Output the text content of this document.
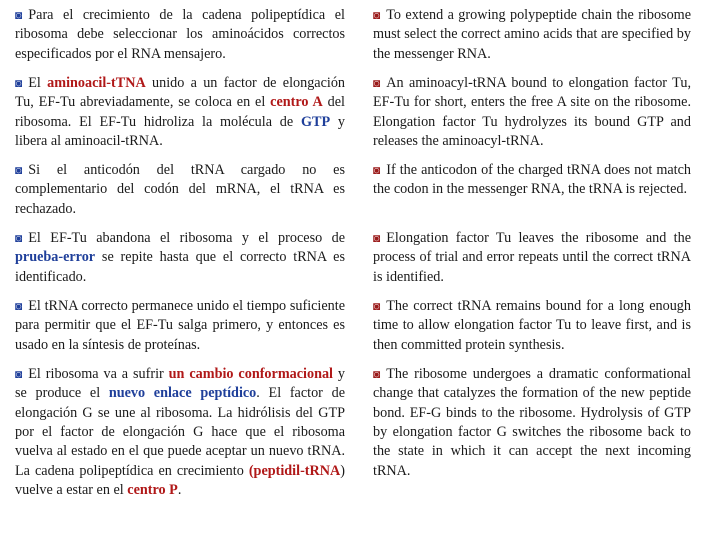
◙ Para el crecimiento de la cadena polipeptídica el ribosoma debe seleccionar los aminoácidos correctos especificados por el RNA mensajero.

◙ El aminoacil-tTNA unido a un factor de elongación Tu, EF-Tu abreviadamente, se coloca en el centro A del ribosoma. El EF-Tu hidroliza la molécula de GTP y libera al aminoacil-tRNA.

◙ Si el anticodón del tRNA cargado no es complementario del codón del mRNA, el tRNA es rechazado.

◙ El EF-Tu abandona el ribosoma y el proceso de prueba-error se repite hasta que el correcto tRNA es identificado.

◙ El tRNA correcto permanece unido el tiempo suficiente para permitir que el EF-Tu salga primero, y entonces es usado en la síntesis de proteínas.

◙ El ribosoma va a sufrir un cambio conformacional y se produce el nuevo enlace peptídico. El factor de elongación G se une al ribosoma. La hidrólisis del GTP por el factor de elongación G hace que el ribosoma vuelva al estado en el que puede aceptar un nuevo tRNA. La cadena polipeptídica en crecimiento (peptidil-tRNA) vuelve a estar en el centro P.

◙ To extend a growing polypeptide chain the ribosome must select the correct amino acids that are specified by the messenger RNA.

◙ An aminoacyl-tRNA bound to elongation factor Tu, EF-Tu for short, enters the free A site on the ribosome. Elongation factor Tu hydrolyzes its bound GTP and releases the aminoacyl-tRNA.

◙ If the anticodon of the charged tRNA does not match the codon in the messenger RNA, the tRNA is rejected.

◙ Elongation factor Tu leaves the ribosome and the process of trial and error repeats until the correct tRNA is identified.

◙ The correct tRNA remains bound for a long enough time to allow elongation factor Tu to leave first, and is then committed protein synthesis.

◙ The ribosome undergoes a dramatic conformational change that catalyzes the formation of the new peptide bond. EF-G binds to the ribosome. Hydrolysis of GTP by elongation factor G switches the ribosome back to the state in which it can accept the next incoming tRNA.
